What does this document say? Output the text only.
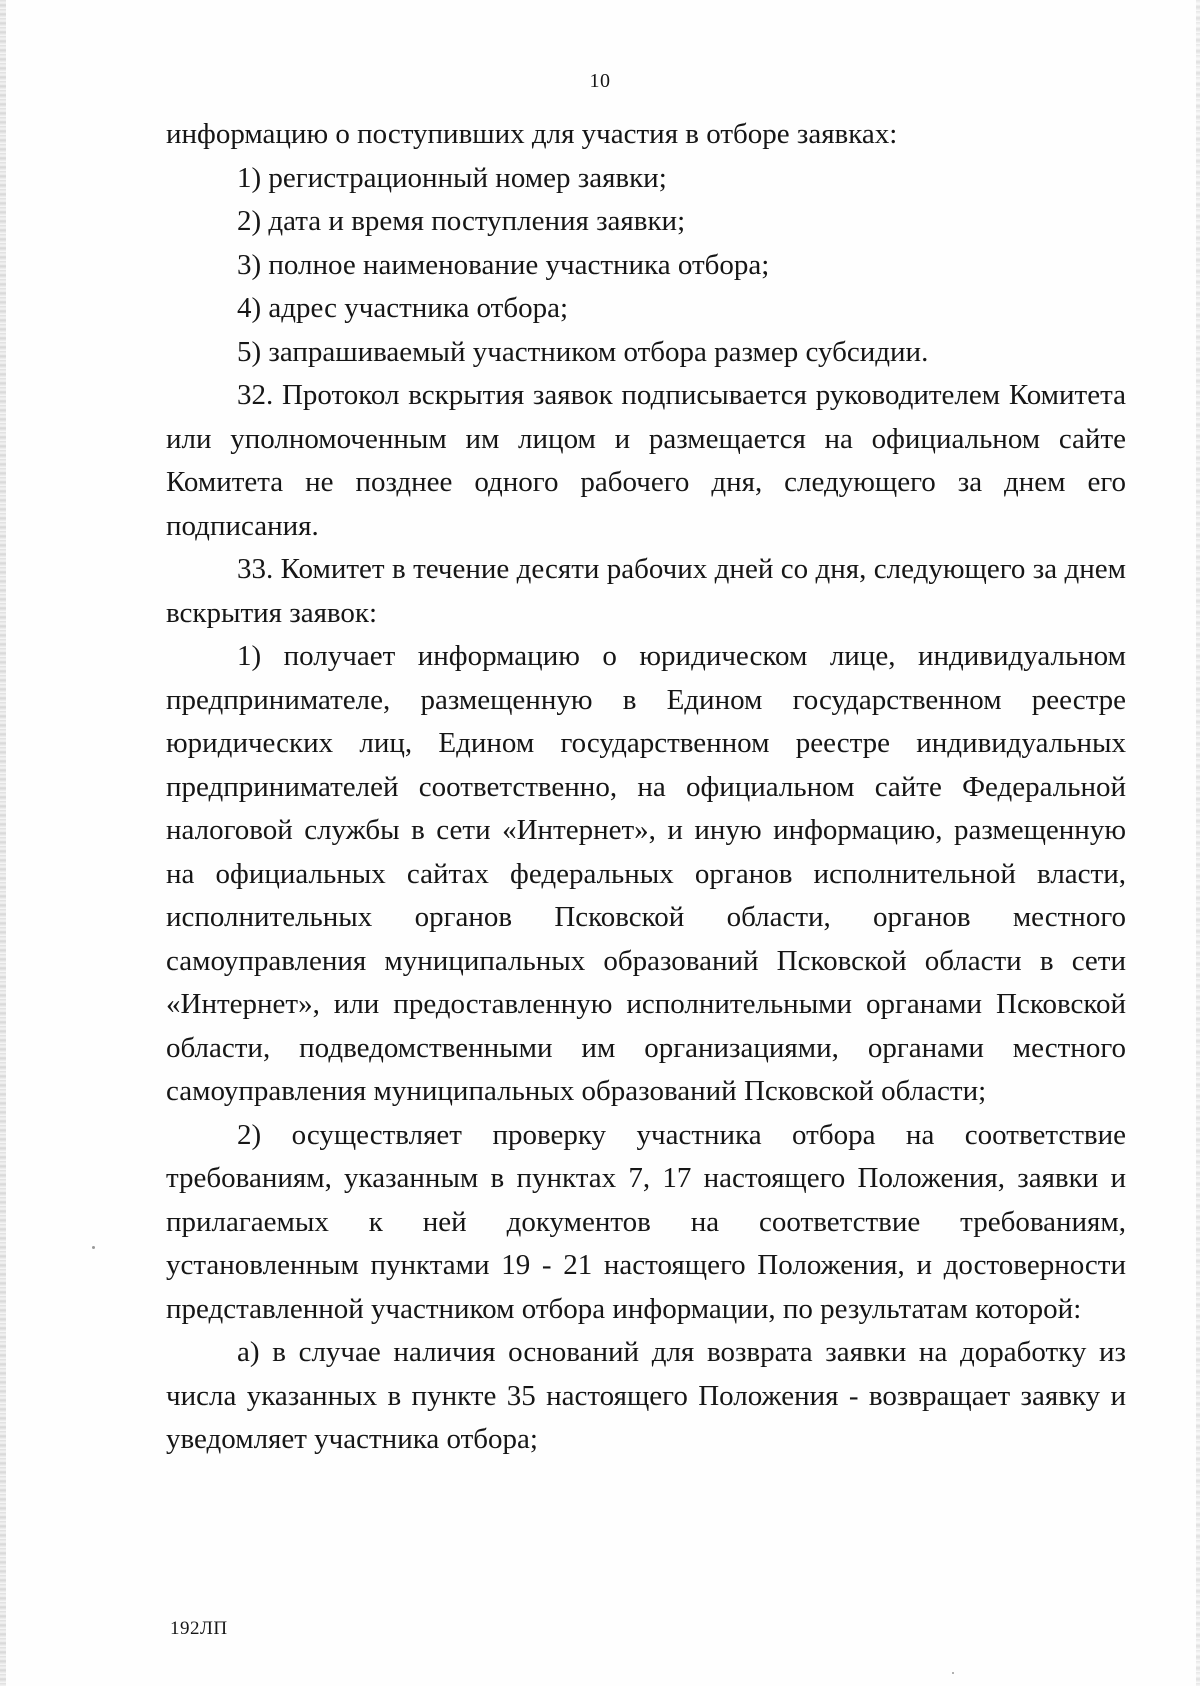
10

информацию о поступивших для участия в отборе заявках:

1) регистрационный номер заявки;

2) дата и время поступления заявки;

3) полное наименование участника отбора;

4) адрес участника отбора;

5) запрашиваемый участником отбора размер субсидии.

32. Протокол вскрытия заявок подписывается руководителем Комитета или уполномоченным им лицом и размещается на официальном сайте Комитета не позднее одного рабочего дня, следующего за днем его подписания.

33. Комитет в течение десяти рабочих дней со дня, следующего за днем вскрытия заявок:

1) получает информацию о юридическом лице, индивидуальном предпринимателе, размещенную в Едином государственном реестре юридических лиц, Едином государственном реестре индивидуальных предпринимателей соответственно, на официальном сайте Федеральной налоговой службы в сети «Интернет», и иную информацию, размещенную на официальных сайтах федеральных органов исполнительной власти, исполнительных органов Псковской области, органов местного самоуправления муниципальных образований Псковской области в сети «Интернет», или предоставленную исполнительными органами Псковской области, подведомственными им организациями, органами местного самоуправления муниципальных образований Псковской области;

2) осуществляет проверку участника отбора на соответствие требованиям, указанным в пунктах 7, 17 настоящего Положения, заявки и прилагаемых к ней документов на соответствие требованиям, установленным пунктами 19 - 21 настоящего Положения, и достоверности представленной участником отбора информации, по результатам которой:

а) в случае наличия оснований для возврата заявки на доработку из числа указанных в пункте 35 настоящего Положения - возвращает заявку и уведомляет участника отбора;

192ЛП
